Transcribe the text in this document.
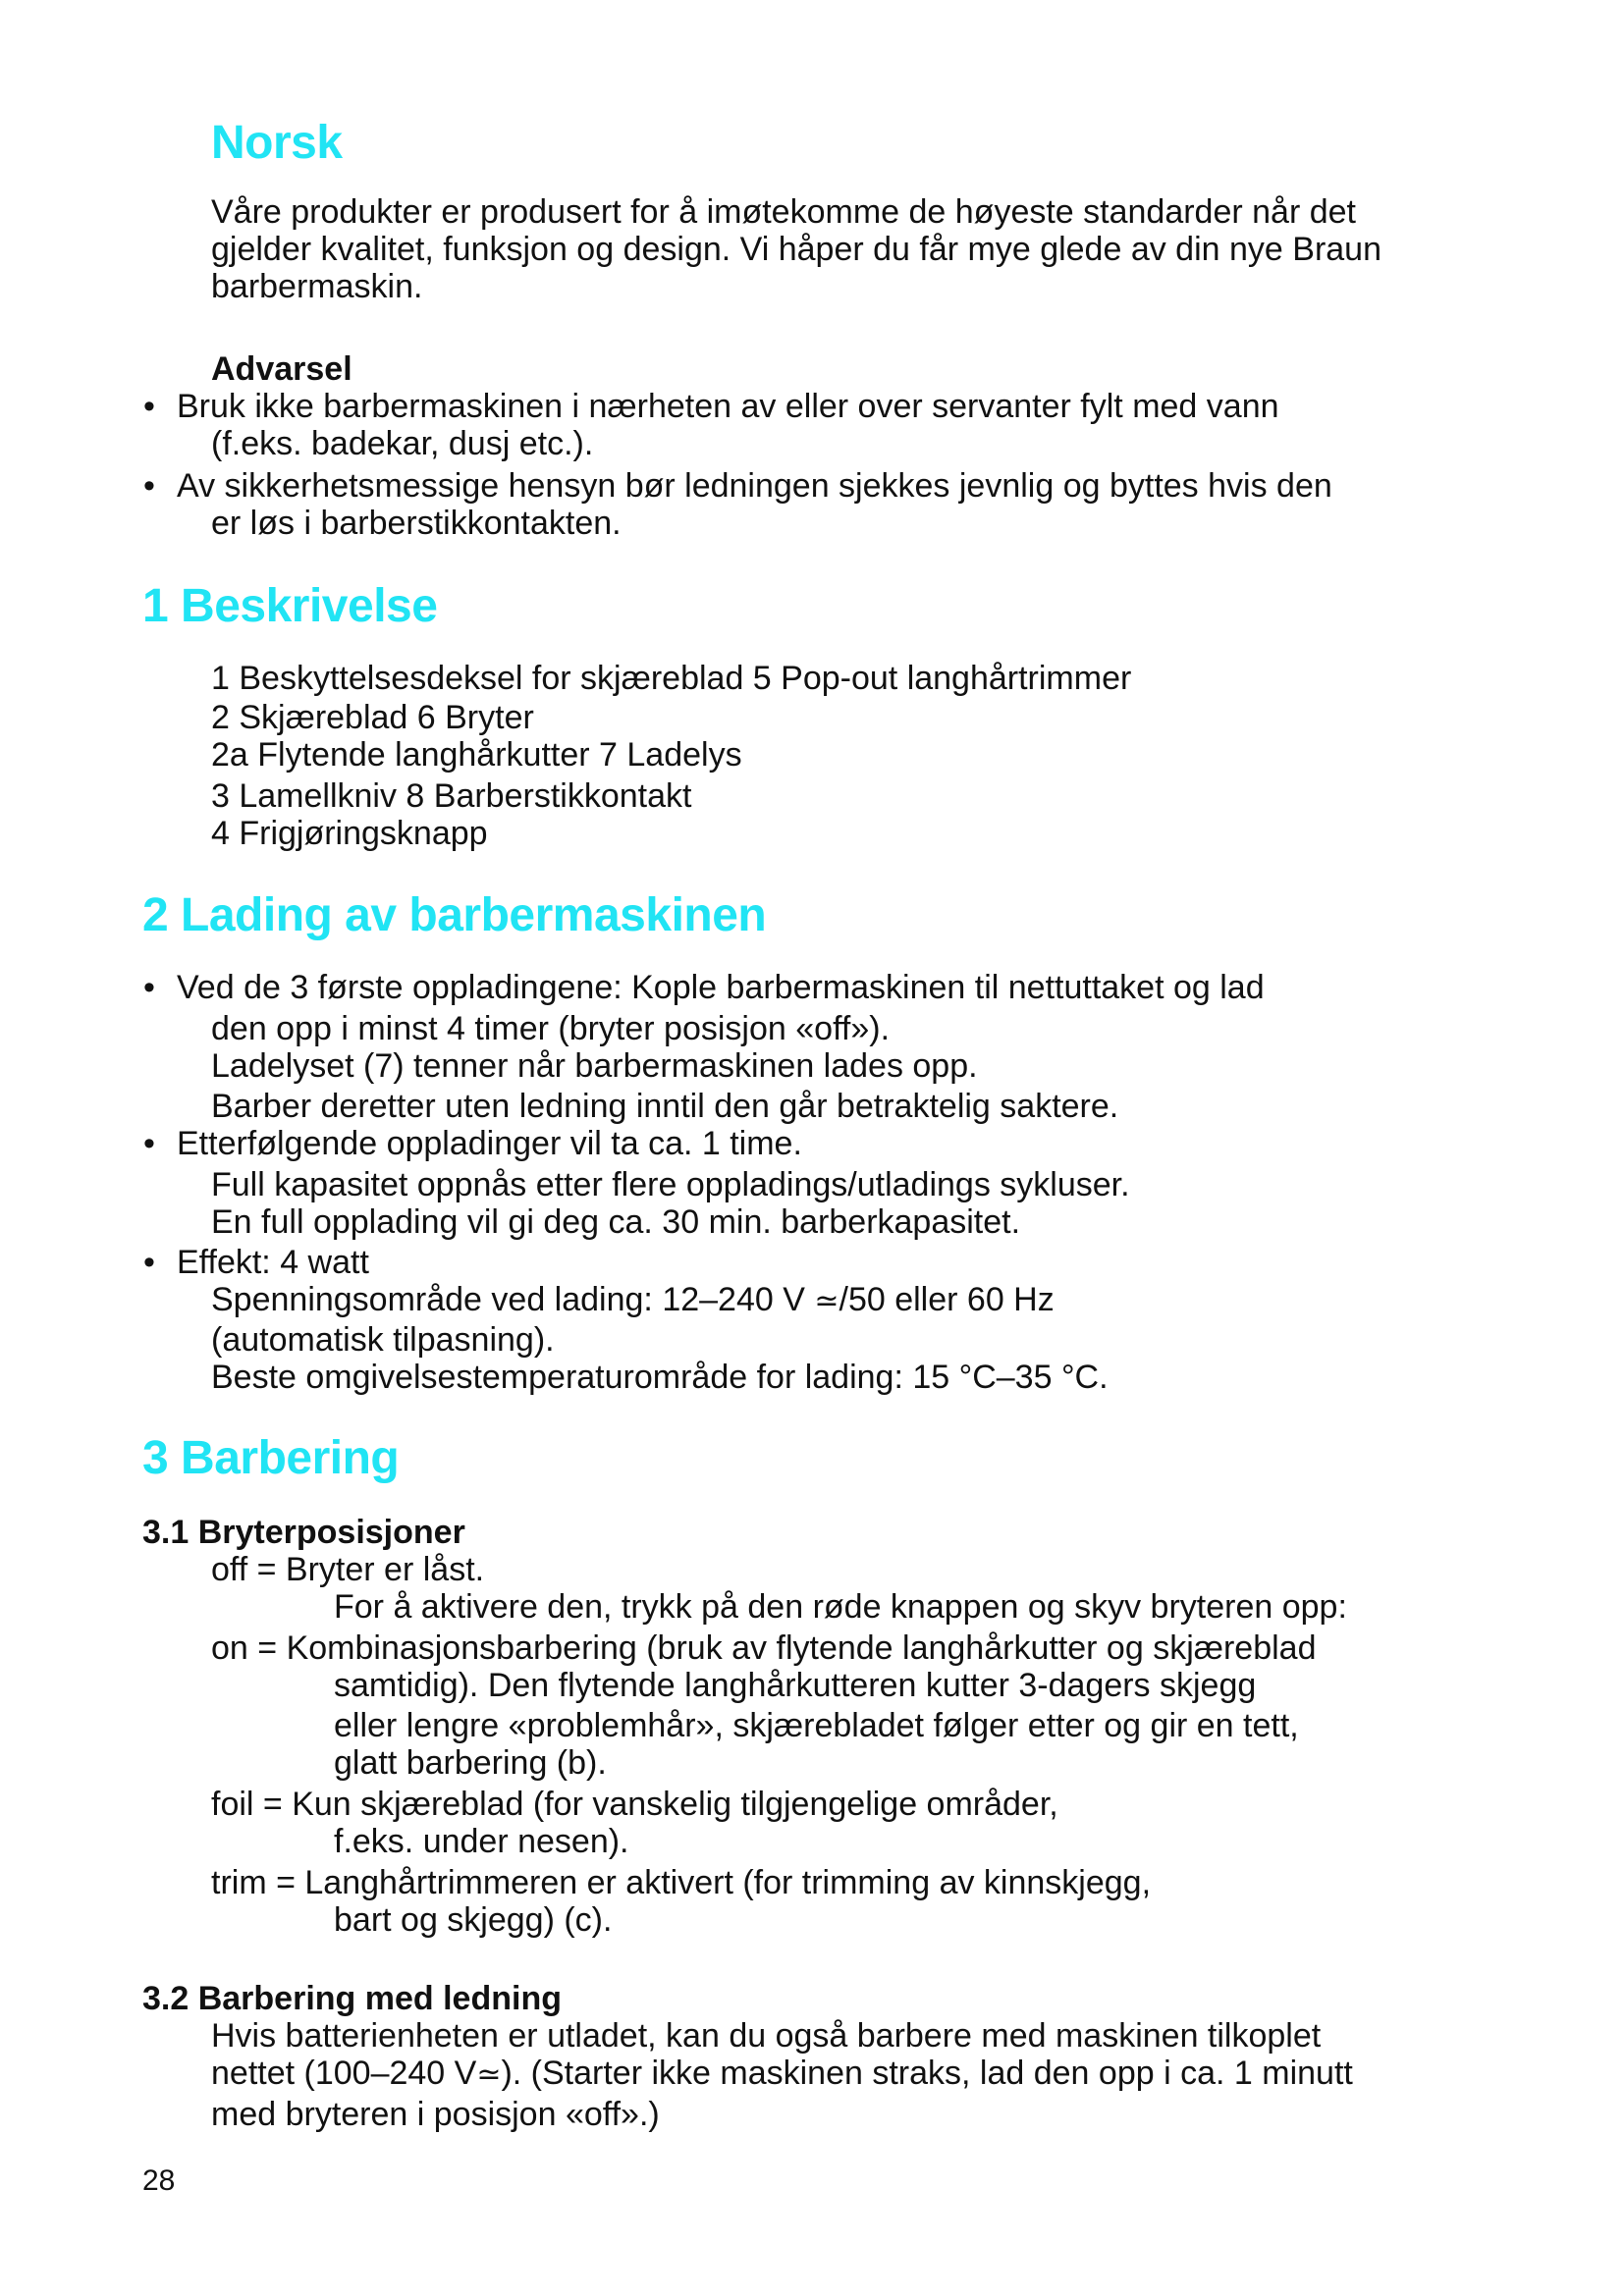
Norsk

Våre produkter er produsert for å imøtekomme de høyeste standarder når det

gjelder kvalitet, funksjon og design. Vi håper du får mye glede av din nye Braun

barbermaskin.

Advarsel

• Bruk ikke barbermaskinen i nærheten av eller over servanter fylt med vann

(f.eks. badekar, dusj etc.).

• Av sikkerhetsmessige hensyn bør ledningen sjekkes jevnlig og byttes hvis den

er løs i barberstikkontakten.

1 Beskrivelse

1 Beskyttelsesdeksel for skjæreblad 5 Pop-out langhårtrimmer

2 Skjæreblad 6 Bryter

2a Flytende langhårkutter 7 Ladelys

3 Lamellkniv 8 Barberstikkontakt

4 Frigjøringsknapp

2 Lading av barbermaskinen
• Ved de 3 første oppladingene: Kople barbermaskinen til nettuttaket og lad

den opp i minst 4 timer (bryter posisjon «off»).

Ladelyset (7) tenner når barbermaskinen lades opp.

Barber deretter uten ledning inntil den går betraktelig saktere.

• Etterfølgende oppladinger vil ta ca. 1 time.

Full kapasitet oppnås etter flere opplading​s/utladings sykluser.

En full opplading vil gi deg ca. 30 min. barberkapasitet.

• Effekt: 4 watt

Spenningsområde ved lading: 12–240 V ≃/50 eller 60 Hz

(automatisk tilpasning).

Beste omgivelsestemperaturområde for lading: 15 °C–35 °C.

3 Barbering

3.1 Bryterposisjoner

off = Bryter er låst.

For å aktivere den, trykk på den røde knappen og skyv bryteren opp:

on = Kombinasjonsbarbering (bruk av flytende langhårkutter og skjæreblad

samtidig). Den flytende langhårkutteren kutter 3-dagers skjegg

eller lengre «problemhår», skjærebladet følger etter og gir en tett,

glatt barbering (b).

foil = Kun skjæreblad (for vanskelig tilgjengelige områder,

f.eks. under nesen).

trim = Langhårtrimmeren er aktivert (for trimming av kinnskjegg,

bart og skjegg) (c).

3.2 Barbering med ledning

Hvis batterienheten er utladet, kan du også barbere med maskinen tilkoplet

nettet (100–240 V≃). (Starter ikke maskinen straks, lad den opp i ca. 1 minutt

med bryteren i posisjon «off».)

28
